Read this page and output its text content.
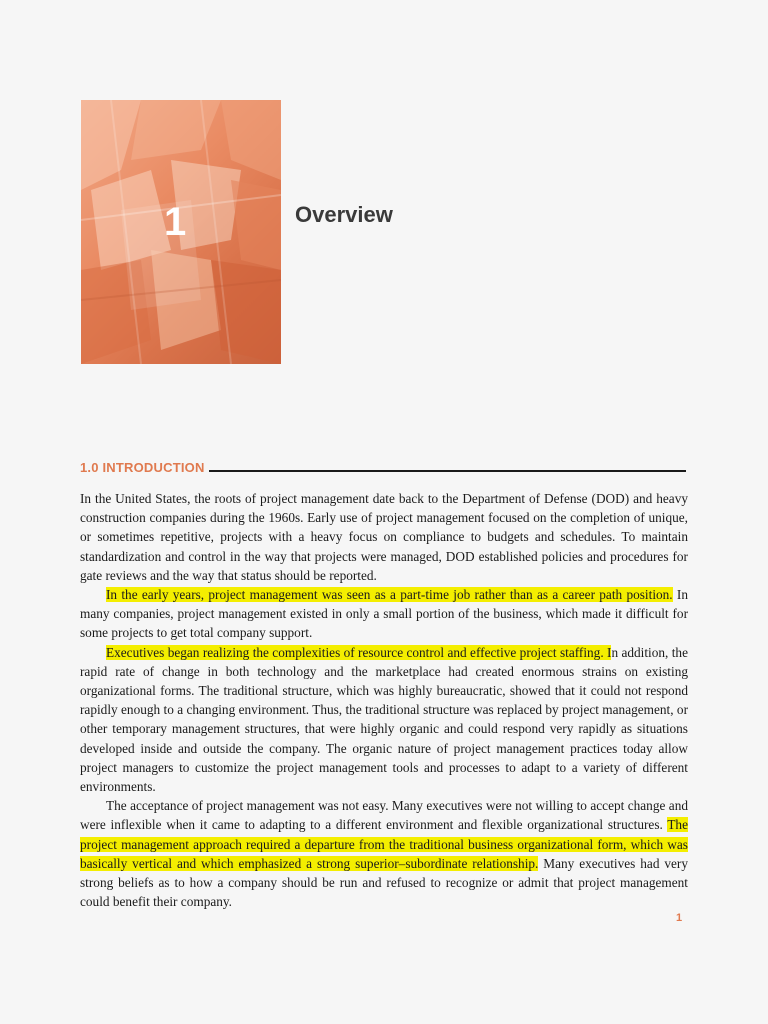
1	Overview
1.0 INTRODUCTION

In the United States, the roots of project management date back to the Department of Defense (DOD) and heavy construction companies during the 1960s. Early use of project management focused on the completion of unique, or sometimes repetitive, projects with a heavy focus on compliance to budgets and schedules. To maintain standardization and control in the way that projects were managed, DOD established policies and procedures for gate reviews and the way that status should be reported.

In the early years, project management was seen as a part-time job rather than as a career path position. In many companies, project management existed in only a small portion of the business, which made it difficult for some projects to get total company support.

Executives began realizing the complexities of resource control and effective project staffing. In addition, the rapid rate of change in both technology and the marketplace had created enormous strains on existing organizational forms. The traditional structure, which was highly bureaucratic, showed that it could not respond rapidly enough to a changing environment. Thus, the traditional structure was replaced by project management, or other temporary management structures, that were highly organic and could respond very rapidly as situations developed inside and outside the company. The organic nature of project management practices today allow project managers to customize the project management tools and processes to adapt to a variety of different environments.

The acceptance of project management was not easy. Many executives were not willing to accept change and were inflexible when it came to adapting to a different environment and flexible organizational structures. The project management approach required a departure from the traditional business organizational form, which was basically vertical and which emphasized a strong superior–subordinate relationship. Many executives had very strong beliefs as to how a company should be run and refused to recognize or admit that project management could benefit their company.

1
